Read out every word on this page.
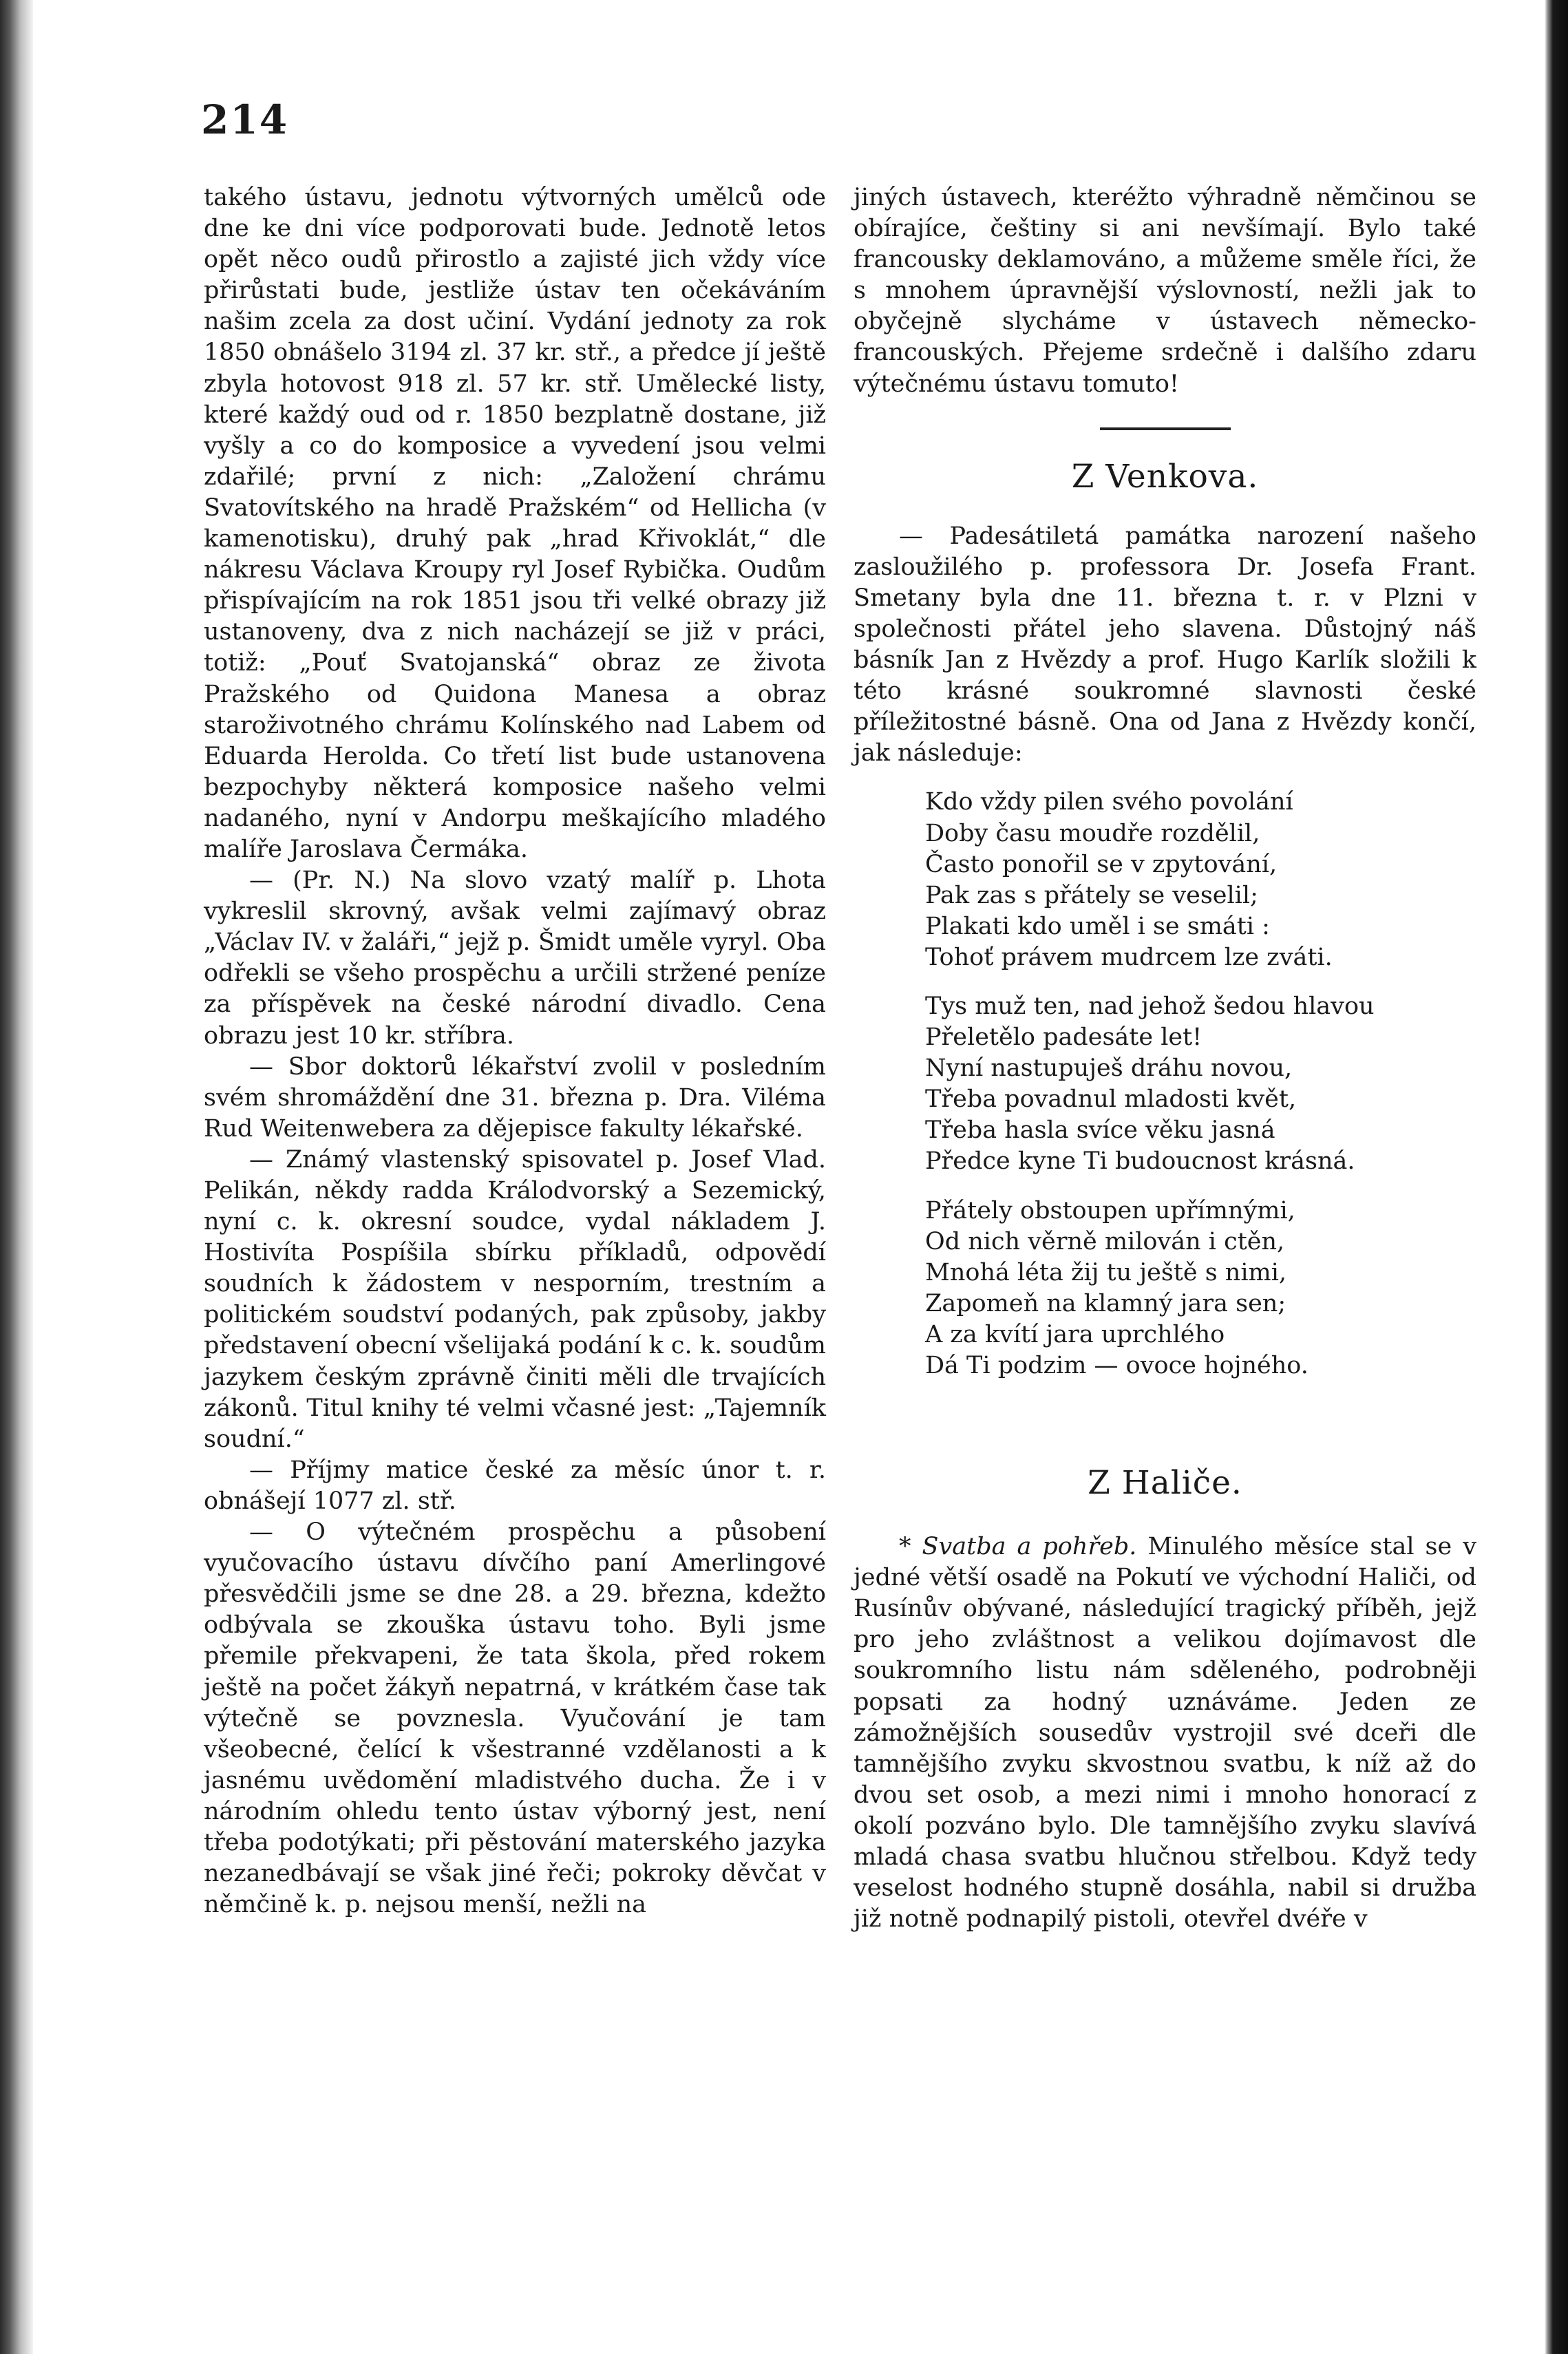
214

takého ústavu, jednotu výtvorných umělců ode dne ke dni více podporovati bude. Jednotě letos opět něco oudů přirostlo a zajisté jich vždy více přirůstati bude, jestliže ústav ten očekáváním našim zcela za dost učiní. Vydání jednoty za rok 1850 obnášelo 3194 zl. 37 kr. stř., a předce jí ještě zbyla hotovost 918 zl. 57 kr. stř. Umělecké listy, které každý oud od r. 1850 bezplatně dostane, již vyšly a co do komposice a vyvedení jsou velmi zdařilé; první z nich: „Založení chrámu Svatovítského na hradě Pražském“ od Hellicha (v kamenotisku), druhý pak „hrad Křivoklát,“ dle nákresu Václava Kroupy ryl Josef Rybička. Oudům přispívajícím na rok 1851 jsou tři velké obrazy již ustanoveny, dva z nich nacházejí se již v práci, totiž: „Pouť Svatojanská“ obraz ze života Pražského od Quidona Manesa a obraz staroživotného chrámu Kolínského nad Labem od Eduarda Herolda. Co třetí list bude ustanovena bezpochyby některá komposice našeho velmi nadaného, nyní v Andorpu meškajícího mladého malíře Jaroslava Čermáka.

— (Pr. N.) Na slovo vzatý malíř p. Lhota vykreslil skrovný, avšak velmi zajímavý obraz „Václav IV. v žaláři,“ jejž p. Šmidt uměle vyryl. Oba odřekli se všeho prospěchu a určili stržené peníze za příspěvek na české národní divadlo. Cena obrazu jest 10 kr. stříbra.

— Sbor doktorů lékařství zvolil v posledním svém shromáždění dne 31. března p. Dra. Viléma Rud Weitenwebera za dějepisce fakulty lékařské.

— Známý vlastenský spisovatel p. Josef Vlad. Pelikán, někdy radda Králodvorský a Sezemický, nyní c. k. okresní soudce, vydal nákladem J. Hostivíta Pospíšila sbírku příkladů, odpovědí soudních k žádostem v nesporním, trestním a politickém soudství podaných, pak způsoby, jakby představení obecní všelijaká podání k c. k. soudům jazykem českým zprávně činiti měli dle trvajících zákonů. Titul knihy té velmi včasné jest: „Tajemník soudní.“

— Příjmy matice české za měsíc únor t. r. obnášejí 1077 zl. stř.

— O výtečném prospěchu a působení vyučovacího ústavu dívčího paní Amerlingové přesvědčili jsme se dne 28. a 29. března, kdežto odbývala se zkouška ústavu toho. Byli jsme přemile překvapeni, že tata škola, před rokem ještě na počet žákyň nepatrná, v krátkém čase tak výtečně se povznesla. Vyučování je tam všeobecné, čelící k všestranné vzdělanosti a k jasnému uvědomění mladistvého ducha. Že i v národním ohledu tento ústav výborný jest, není třeba podotýkati; při pěstování materského jazyka nezanedbávají se však jiné řeči; pokroky děvčat v němčině k. p. nejsou menší, nežli na

jiných ústavech, kteréžto výhradně němčinou se obírajíce, češtiny si ani nevšímají. Bylo také francousky deklamováno, a můžeme směle říci, že s mnohem úpravnější výslovností, nežli jak to obyčejně slycháme v ústavech německo-francouských. Přejeme srdečně i dalšího zdaru výtečnému ústavu tomuto!

Z Venkova.

— Padesátiletá památka narození našeho zasloužilého p. professora Dr. Josefa Frant. Smetany byla dne 11. března t. r. v Plzni v společnosti přátel jeho slavena. Důstojný náš básník Jan z Hvězdy a prof. Hugo Karlík složili k této krásné soukromné slavnosti české příležitostné básně. Ona od Jana z Hvězdy končí, jak následuje:

Kdo vždy pilen svého povolání
Doby času moudře rozdělil,
Často ponořil se v zpytování,
Pak zas s přátely se veselil;
Plakati kdo uměl i se smáti :
Tohoť právem mudrcem lze zváti.
Tys muž ten, nad jehož šedou hlavou
Přeletělo padesáte let!
Nyní nastupuješ dráhu novou,
Třeba povadnul mladosti květ,
Třeba hasla svíce věku jasná
Předce kyne Ti budoucnost krásná.
Přátely obstoupen upřímnými,
Od nich věrně milován i ctěn,
Mnohá léta žij tu ještě s nimi,
Zapomeň na klamný jara sen;
A za kvítí jara uprchlého
Dá Ti podzim — ovoce hojného.
Z Haliče.

* Svatba a pohřeb. Minulého měsíce stal se v jedné větší osadě na Pokutí ve východní Haliči, od Rusínův obývané, následující tragický příběh, jejž pro jeho zvláštnost a velikou dojímavost dle soukromního listu nám sděleného, podrobněji popsati za hodný uznáváme. Jeden ze zámožnějších sousedův vystrojil své dceři dle tamnějšího zvyku skvostnou svatbu, k níž až do dvou set osob, a mezi nimi i mnoho honorací z okolí pozváno bylo. Dle tamnějšího zvyku slavívá mladá chasa svatbu hlučnou střelbou. Když tedy veselost hodného stupně dosáhla, nabil si družba již notně podnapilý pistoli, otevřel dvéře v
